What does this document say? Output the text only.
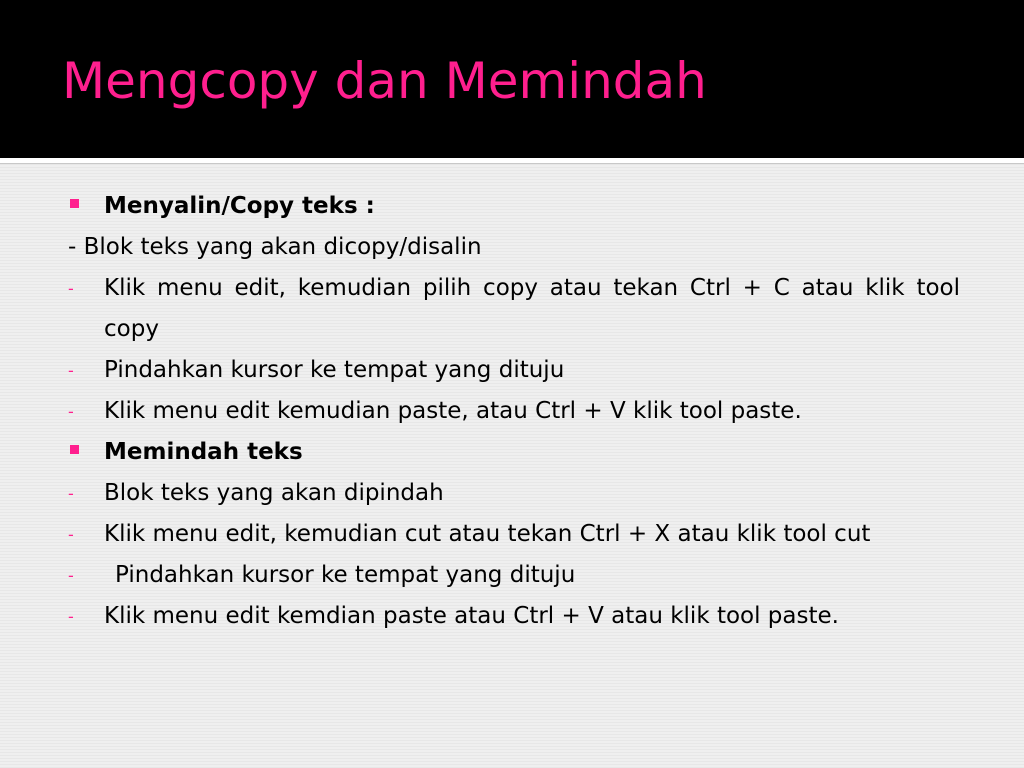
Mengcopy dan Memindah
Menyalin/Copy teks :
- Blok teks yang akan dicopy/disalin
-	Klik menu edit, kemudian pilih copy atau tekan Ctrl + C atau klik tool copy
-	Pindahkan kursor ke tempat yang dituju
-	Klik menu edit kemudian paste, atau Ctrl + V klik tool paste.
Memindah teks
-	Blok teks yang akan dipindah
-	Klik menu edit, kemudian cut atau tekan Ctrl + X atau klik tool cut
-	Pindahkan kursor ke tempat yang dituju
-	Klik menu edit kemdian paste atau Ctrl + V atau klik tool paste.
